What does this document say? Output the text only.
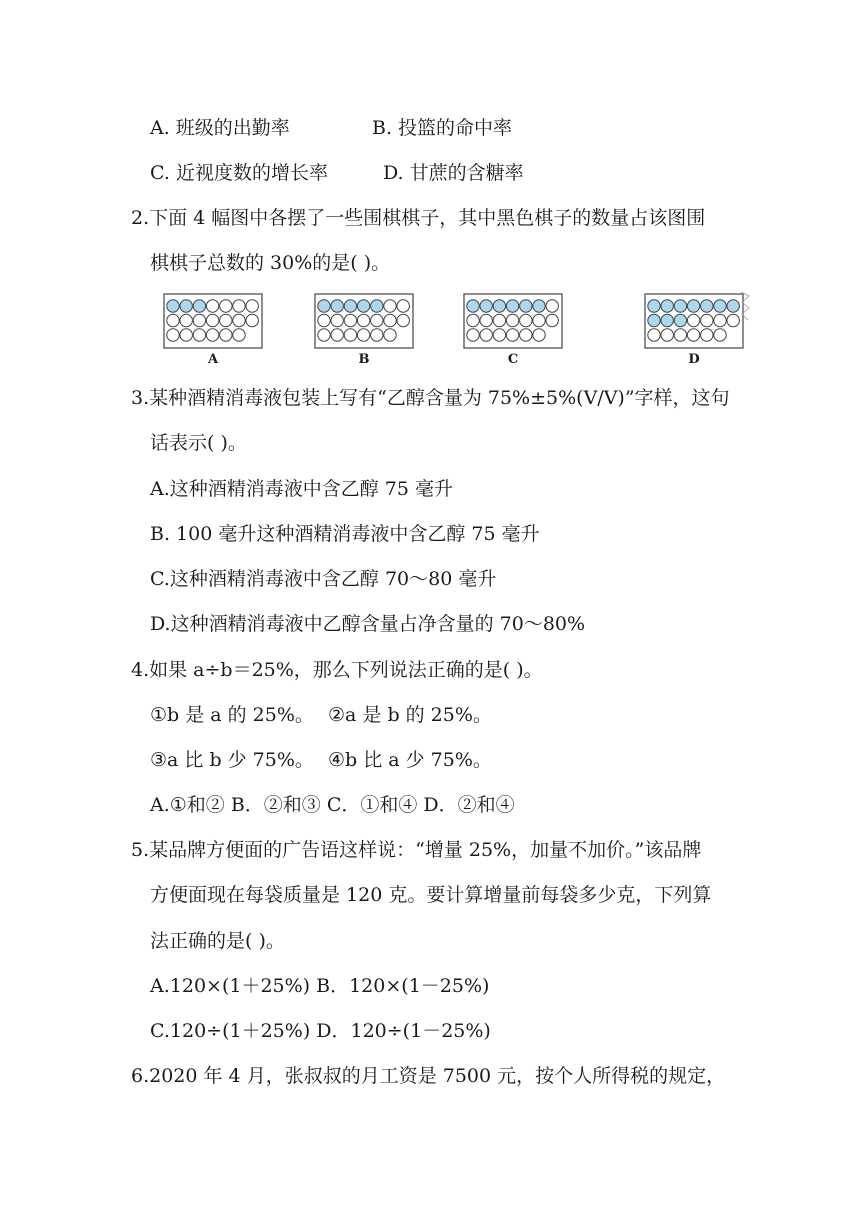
A. 班级的出勤率	B. 投篮的命中率
C. 近视度数的增长率	D. 甘蔗的含糖率
2.下面 4 幅图中各摆了一些围棋棋子，其中黑色棋子的数量占该图围
棋棋子总数的 30%的是( )。
A	B	C	D
3.某种酒精消毒液包装上写有“乙醇含量为 75%±5%(V/V)”字样，这句
话表示( )。
A.这种酒精消毒液中含乙醇 75 毫升
B. 100 毫升这种酒精消毒液中含乙醇 75 毫升
C.这种酒精消毒液中含乙醇 70～80 毫升
D.这种酒精消毒液中乙醇含量占净含量的 70～80%
4.如果 a÷b＝25%，那么下列说法正确的是( )。
①b 是 a 的 25%。 ②a 是 b 的 25%。
③a 比 b 少 75%。 ④b 比 a 少 75%。
A.①和② B．②和③ C．①和④ D．②和④
5.某品牌方便面的广告语这样说：“增量 25%，加量不加价。”该品牌
方便面现在每袋质量是 120 克。要计算增量前每袋多少克，下列算
法正确的是( )。
A.120×(1＋25%) B．120×(1－25%)
C.120÷(1＋25%) D．120÷(1－25%)
6.2020 年 4 月，张叔叔的月工资是 7500 元，按个人所得税的规定，
